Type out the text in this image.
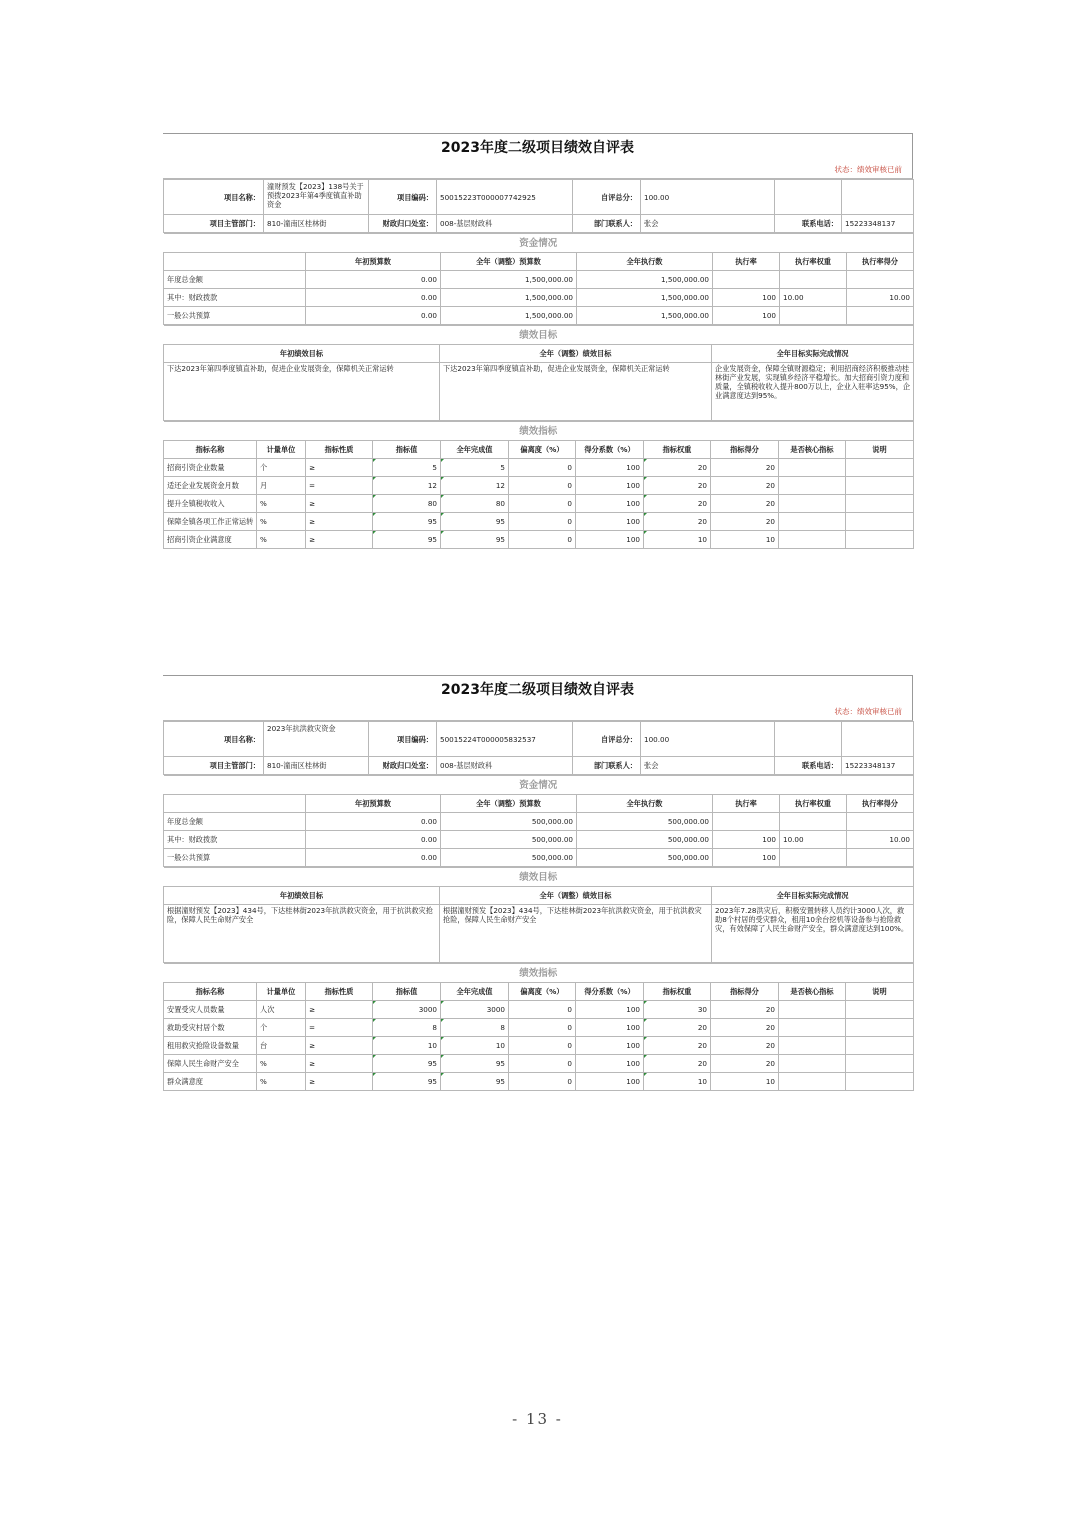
2023年度二级项目绩效自评表
状态：绩效审核已前
项目名称：	潼财预发【2023】138号关于预拨2023年第4季度镇直补助资金	项目编码：	50015223T000007742925	自评总分：	100.00		
项目主管部门：	810-潼南区桂林街	财政归口处室：	008-基层财政科	部门联系人：	张会	联系电话：	15223348137
资金情况						
	年初预算数	全年（调整）预算数	全年执行数	执行率	执行率权重	执行率得分
年度总金额	0.00	1,500,000.00	1,500,000.00			
其中：财政拨款	0.00	1,500,000.00	1,500,000.00	100	10.00	10.00
一般公共预算	0.00	1,500,000.00	1,500,000.00	100		
绩效目标		
年初绩效目标	全年（调整）绩效目标	全年目标实际完成情况
下达2023年第四季度镇直补助，促进企业发展资金，保障机关正常运转	下达2023年第四季度镇直补助，促进企业发展资金，保障机关正常运转	企业发展资金，保障全镇财源稳定；利用招商经济积极推动桂林街产业发展，实现镇乡经济平稳增长。加大招商引资力度和质量，全镇税收收入提升800万以上，企业入驻率达95%，企业满意度达到95%。
绩效指标										
指标名称	计量单位	指标性质	指标值	全年完成值	偏离度（%）	得分系数（%）	指标权重	指标得分	是否核心指标	说明
招商引资企业数量	个	≥	5	5	0	100	20	20		
适还企业发展资金月数	月	=	12	12	0	100	20	20		
提升全镇税收收入	%	≥	80	80	0	100	20	20		
保障全镇各项工作正常运转	%	≥	95	95	0	100	20	20		
招商引资企业满意度	%	≥	95	95	0	100	10	10		
2023年度二级项目绩效自评表
状态：绩效审核已前
项目名称：	2023年抗洪救灾资金	项目编码：	50015224T000005832537	自评总分：	100.00		
项目主管部门：	810-潼南区桂林街	财政归口处室：	008-基层财政科	部门联系人：	张会	联系电话：	15223348137
资金情况						
	年初预算数	全年（调整）预算数	全年执行数	执行率	执行率权重	执行率得分
年度总金额	0.00	500,000.00	500,000.00			
其中：财政拨款	0.00	500,000.00	500,000.00	100	10.00	10.00
一般公共预算	0.00	500,000.00	500,000.00	100		
绩效目标		
年初绩效目标	全年（调整）绩效目标	全年目标实际完成情况
根据潼财预发【2023】434号，下达桂林街2023年抗洪救灾资金，用于抗洪救灾抢险，保障人民生命财产安全	根据潼财预发【2023】434号，下达桂林街2023年抗洪救灾资金，用于抗洪救灾抢险，保障人民生命财产安全	2023年7.28洪灾后，积极安置转移人员约计3000人次，救助8个村居的受灾群众，租用10余台挖机等设备参与抢险救灾，有效保障了人民生命财产安全，群众满意度达到100%。
绩效指标										
指标名称	计量单位	指标性质	指标值	全年完成值	偏离度（%）	得分系数（%）	指标权重	指标得分	是否核心指标	说明
安置受灾人员数量	人次	≥	3000	3000	0	100	30	20		
救助受灾村居个数	个	=	8	8	0	100	20	20		
租用救灾抢险设备数量	台	≥	10	10	0	100	20	20		
保障人民生命财产安全	%	≥	95	95	0	100	20	20		
群众满意度	%	≥	95	95	0	100	10	10		
- 13 -
